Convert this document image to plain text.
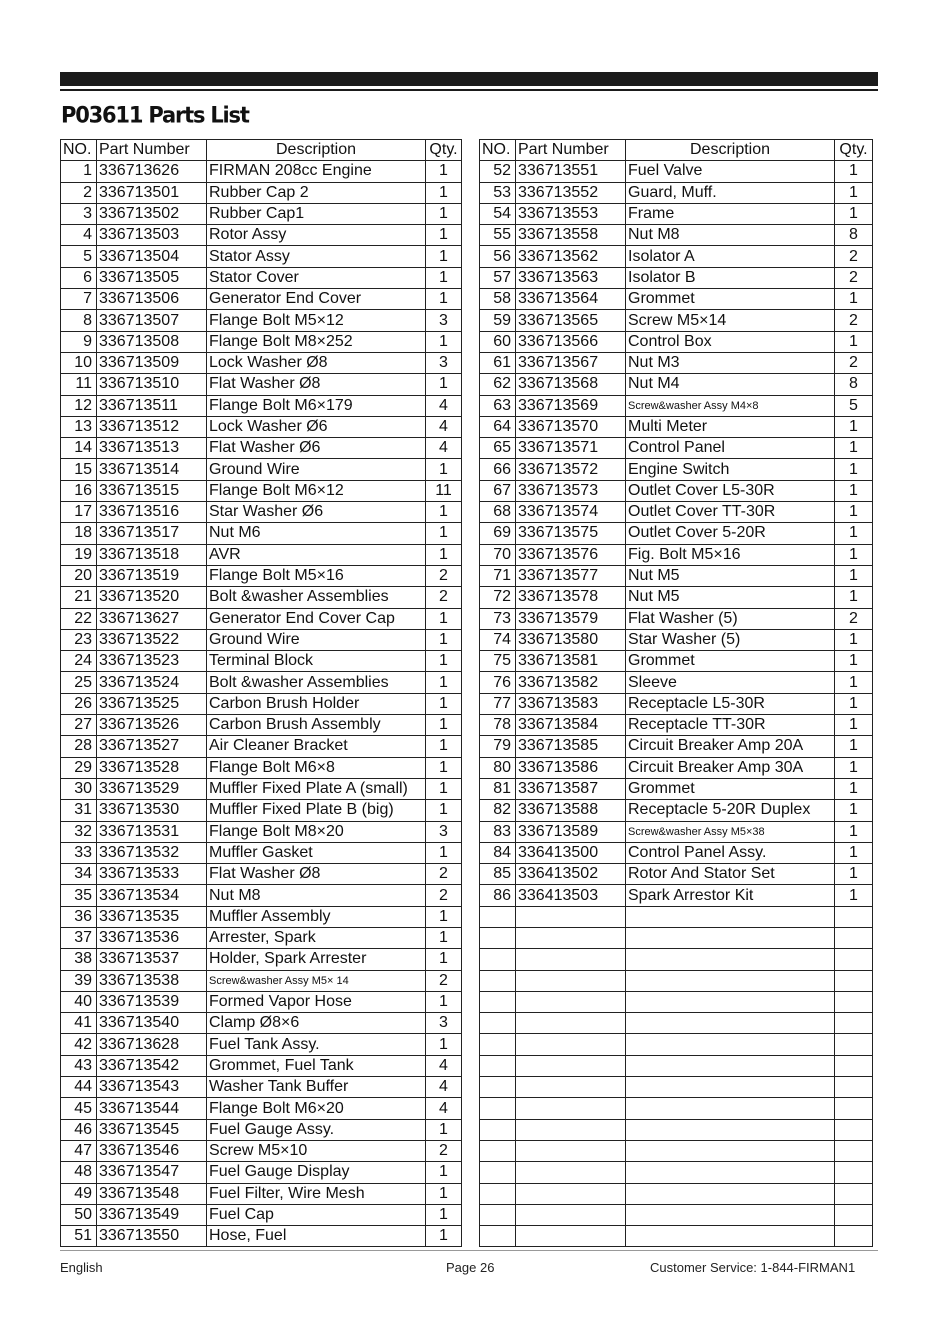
P03611 Parts List
NO.	Part Number	Description	Qty.
1	336713626	FIRMAN 208cc Engine	1
2	336713501	Rubber Cap 2	1
3	336713502	Rubber Cap1	1
4	336713503	Rotor Assy	1
5	336713504	Stator Assy	1
6	336713505	Stator Cover	1
7	336713506	Generator End Cover	1
8	336713507	Flange Bolt M5×12	3
9	336713508	Flange Bolt M8×252	1
10	336713509	Lock Washer Ø8	3
11	336713510	Flat Washer Ø8	1
12	336713511	Flange Bolt M6×179	4
13	336713512	Lock Washer Ø6	4
14	336713513	Flat Washer Ø6	4
15	336713514	Ground Wire	1
16	336713515	Flange Bolt M6×12	11
17	336713516	Star Washer Ø6	1
18	336713517	Nut M6	1
19	336713518	AVR	1
20	336713519	Flange Bolt M5×16	2
21	336713520	Bolt &washer Assemblies	2
22	336713627	Generator End Cover Cap	1
23	336713522	Ground Wire	1
24	336713523	Terminal Block	1
25	336713524	Bolt &washer Assemblies	1
26	336713525	Carbon Brush Holder	1
27	336713526	Carbon Brush Assembly	1
28	336713527	Air Cleaner Bracket	1
29	336713528	Flange Bolt M6×8	1
30	336713529	Muffler Fixed Plate A (small)	1
31	336713530	Muffler Fixed Plate B (big)	1
32	336713531	Flange Bolt M8×20	3
33	336713532	Muffler Gasket	1
34	336713533	Flat Washer Ø8	2
35	336713534	Nut M8	2
36	336713535	Muffler Assembly	1
37	336713536	Arrester, Spark	1
38	336713537	Holder, Spark Arrester	1
39	336713538	Screw&washer Assy M5× 14	2
40	336713539	Formed Vapor Hose	1
41	336713540	Clamp Ø8×6	3
42	336713628	Fuel Tank Assy.	1
43	336713542	Grommet, Fuel Tank	4
44	336713543	Washer Tank Buffer	4
45	336713544	Flange Bolt M6×20	4
46	336713545	Fuel Gauge Assy.	1
47	336713546	Screw M5×10	2
48	336713547	Fuel Gauge Display	1
49	336713548	Fuel Filter, Wire Mesh	1
50	336713549	Fuel Cap	1
51	336713550	Hose, Fuel	1
NO.	Part Number	Description	Qty.
52	336713551	Fuel Valve	1
53	336713552	Guard, Muff.	1
54	336713553	Frame	1
55	336713558	Nut M8	8
56	336713562	Isolator A	2
57	336713563	Isolator B	2
58	336713564	Grommet	1
59	336713565	Screw M5×14	2
60	336713566	Control Box	1
61	336713567	Nut M3	2
62	336713568	Nut M4	8
63	336713569	Screw&washer Assy M4×8	5
64	336713570	Multi Meter	1
65	336713571	Control Panel	1
66	336713572	Engine Switch	1
67	336713573	Outlet Cover L5-30R	1
68	336713574	Outlet Cover TT-30R	1
69	336713575	Outlet Cover 5-20R	1
70	336713576	Fig. Bolt M5×16	1
71	336713577	Nut M5	1
72	336713578	Nut M5	1
73	336713579	Flat Washer (5)	2
74	336713580	Star Washer (5)	1
75	336713581	Grommet	1
76	336713582	Sleeve	1
77	336713583	Receptacle L5-30R	1
78	336713584	Receptacle TT-30R	1
79	336713585	Circuit Breaker Amp 20A	1
80	336713586	Circuit Breaker Amp 30A	1
81	336713587	Grommet	1
82	336713588	Receptacle 5-20R Duplex	1
83	336713589	Screw&washer Assy M5×38	1
84	336413500	Control Panel Assy.	1
85	336413502	Rotor And Stator Set	1
86	336413503	Spark Arrestor Kit	1

English	Page 26	Customer Service: 1-844-FIRMAN1
